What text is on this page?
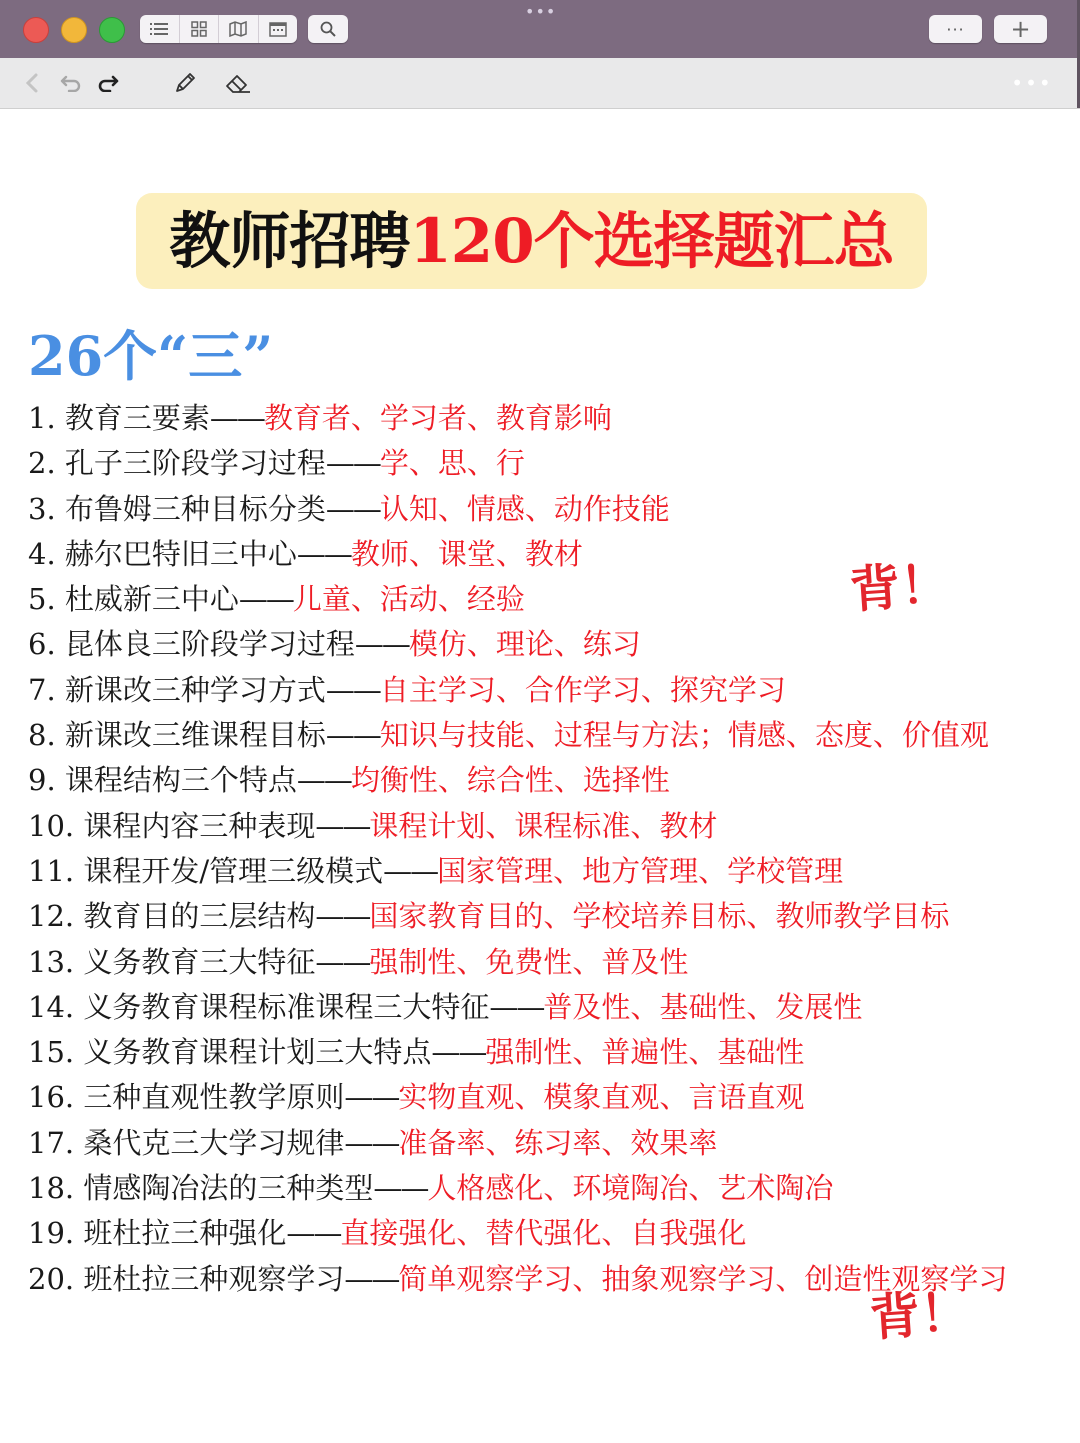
•••
···	+
•••
教师招聘 120个选择题汇总
26个“三”
1. 教育三要素——教育者、学习者、教育影响
2. 孔子三阶段学习过程——学、思、行
3. 布鲁姆三种目标分类——认知、情感、动作技能
4. 赫尔巴特旧三中心——教师、课堂、教材
5. 杜威新三中心——儿童、活动、经验
6. 昆体良三阶段学习过程——模仿、理论、练习
7. 新课改三种学习方式——自主学习、合作学习、探究学习
8. 新课改三维课程目标——知识与技能、过程与方法；情感、态度、价值观
9. 课程结构三个特点——均衡性、综合性、选择性
10. 课程内容三种表现——课程计划、课程标准、教材
11. 课程开发/管理三级模式——国家管理、地方管理、学校管理
12. 教育目的三层结构——国家教育目的、学校培养目标、教师教学目标
13. 义务教育三大特征——强制性、免费性、普及性
14. 义务教育课程标准课程三大特征——普及性、基础性、发展性
15. 义务教育课程计划三大特点——强制性、普遍性、基础性
16. 三种直观性教学原则——实物直观、模象直观、言语直观
17. 桑代克三大学习规律——准备率、练习率、效果率
18. 情感陶冶法的三种类型——人格感化、环境陶冶、艺术陶冶
19. 班杜拉三种强化——直接强化、替代强化、自我强化
20. 班杜拉三种观察学习——简单观察学习、抽象观察学习、创造性观察学习
背！
背！
